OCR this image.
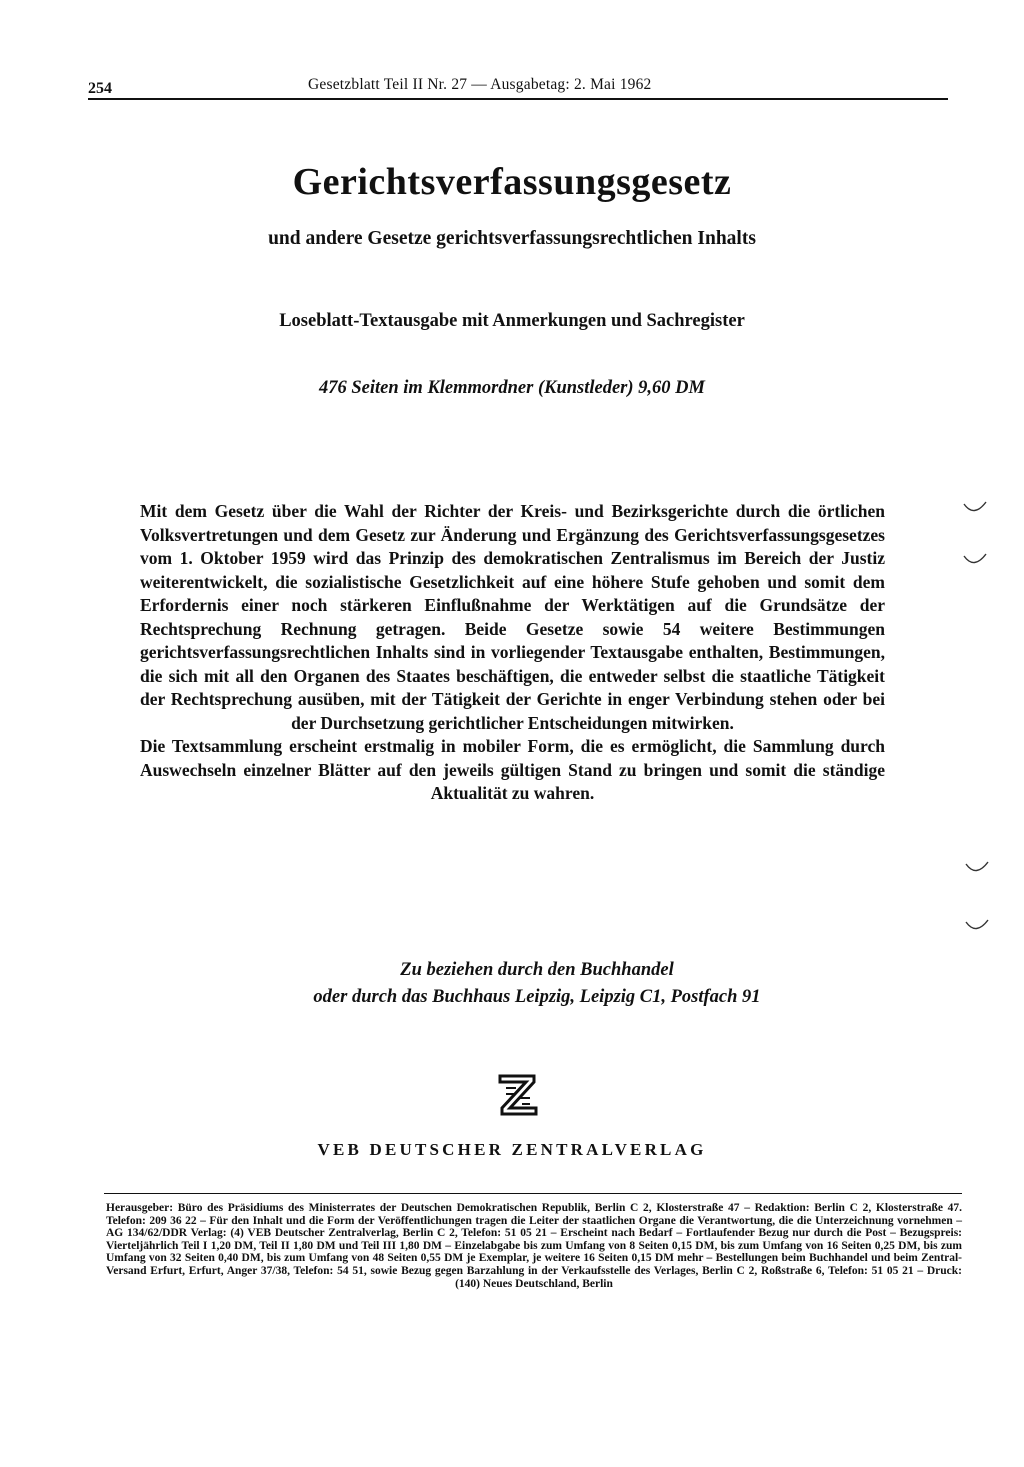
254	Gesetzblatt Teil II Nr. 27 — Ausgabetag: 2. Mai 1962
Gerichtsverfassungsgesetz
und andere Gesetze gerichtsverfassungsrechtlichen Inhalts
Loseblatt-Textausgabe mit Anmerkungen und Sachregister
476 Seiten im Klemmordner (Kunstleder) 9,60 DM

Mit dem Gesetz über die Wahl der Richter der Kreis- und Bezirksgerichte durch die örtlichen Volksvertretungen und dem Gesetz zur Änderung und Ergänzung des Gerichtsverfassungsgesetzes vom 1. Oktober 1959 wird das Prinzip des demokratischen Zentralismus im Bereich der Justiz weiterentwickelt, die sozialistische Gesetzlichkeit auf eine höhere Stufe gehoben und somit dem Erfordernis einer noch stärkeren Einflußnahme der Werktätigen auf die Grundsätze der Rechtsprechung Rechnung getragen. Beide Gesetze sowie 54 weitere Bestimmungen gerichtsverfassungsrechtlichen Inhalts sind in vorliegender Textausgabe enthalten, Bestimmungen, die sich mit all den Organen des Staates beschäftigen, die entweder selbst die staatliche Tätigkeit der Rechtsprechung ausüben, mit der Tätigkeit der Gerichte in enger Verbindung stehen oder bei der Durchsetzung gerichtlicher Entscheidungen mitwirken.

Die Textsammlung erscheint erstmalig in mobiler Form, die es ermöglicht, die Sammlung durch Auswechseln einzelner Blätter auf den jeweils gültigen Stand zu bringen und somit die ständige Aktualität zu wahren.

Zu beziehen durch den Buchhandel
oder durch das Buchhaus Leipzig, Leipzig C1, Postfach 91
VEB DEUTSCHER ZENTRALVERLAG
Herausgeber: Büro des Präsidiums des Ministerrates der Deutschen Demokratischen Republik, Berlin C 2, Klosterstraße 47 – Redaktion: Berlin C 2, Klosterstraße 47. Telefon: 209 36 22 – Für den Inhalt und die Form der Veröffentlichungen tragen die Leiter der staatlichen Organe die Verantwortung, die die Unterzeichnung vornehmen – AG 134/62/DDR Verlag: (4) VEB Deutscher Zentralverlag, Berlin C 2, Telefon: 51 05 21 – Erscheint nach Bedarf – Fortlaufender Bezug nur durch die Post – Bezugspreis: Vierteljährlich Teil I 1,20 DM, Teil II 1,80 DM und Teil III 1,80 DM – Einzelabgabe bis zum Umfang von 8 Seiten 0,15 DM, bis zum Umfang von 16 Seiten 0,25 DM, bis zum Umfang von 32 Seiten 0,40 DM, bis zum Umfang von 48 Seiten 0,55 DM je Exemplar, je weitere 16 Seiten 0,15 DM mehr – Bestellungen beim Buchhandel und beim Zentral-Versand Erfurt, Erfurt, Anger 37/38, Telefon: 54 51, sowie Bezug gegen Barzahlung in der Verkaufsstelle des Verlages, Berlin C 2, Roßstraße 6, Telefon: 51 05 21 – Druck: (140) Neues Deutschland, Berlin
